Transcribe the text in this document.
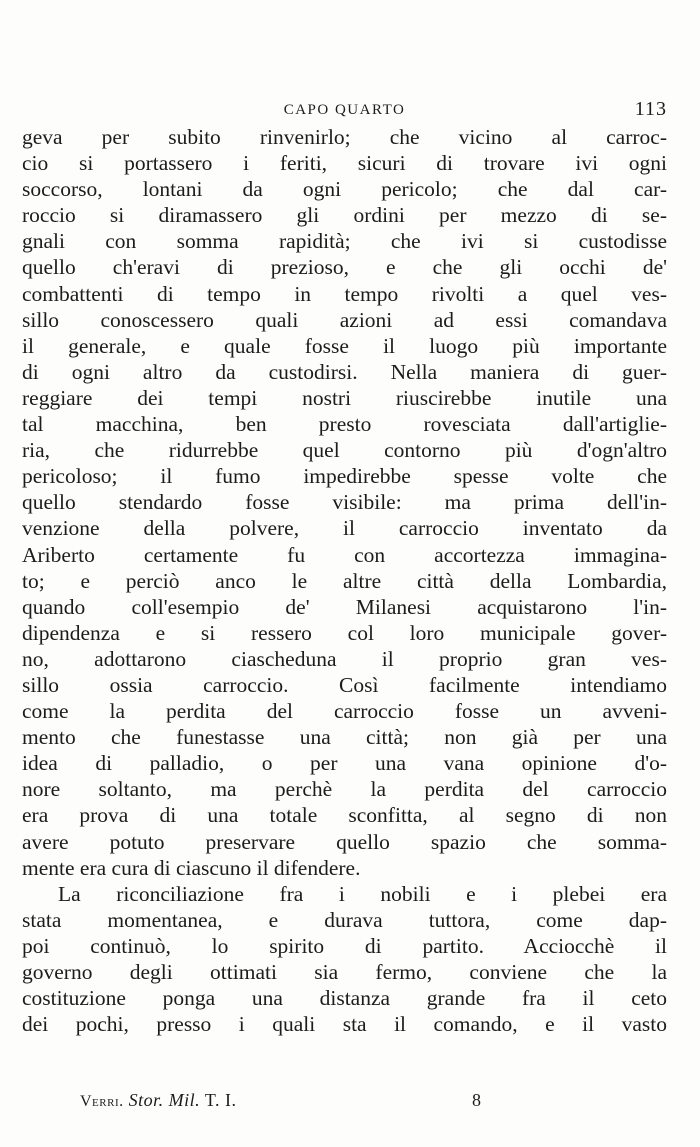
CAPO QUARTO	113
geva per subito rinvenirlo; che vicino al carroc-
cio si portassero i feriti, sicuri di trovare ivi ogni
soccorso, lontani da ogni pericolo; che dal car-
roccio si diramassero gli ordini per mezzo di se-
gnali con somma rapidità; che ivi si custodisse
quello ch'eravi di prezioso, e che gli occhi de'
combattenti di tempo in tempo rivolti a quel ves-
sillo conoscessero quali azioni ad essi comandava
il generale, e quale fosse il luogo più importante
di ogni altro da custodirsi. Nella maniera di guer-
reggiare dei tempi nostri riuscirebbe inutile una
tal macchina, ben presto rovesciata dall'artiglie-
ria, che ridurrebbe quel contorno più d'ogn'altro
pericoloso; il fumo impedirebbe spesse volte che
quello stendardo fosse visibile: ma prima dell'in-
venzione della polvere, il carroccio inventato da
Ariberto certamente fu con accortezza immagina-
to; e perciò anco le altre città della Lombardia,
quando coll'esempio de' Milanesi acquistarono l'in-
dipendenza e si ressero col loro municipale gover-
no, adottarono ciascheduna il proprio gran ves-
sillo ossia carroccio. Così facilmente intendiamo
come la perdita del carroccio fosse un avveni-
mento che funestasse una città; non già per una
idea di palladio, o per una vana opinione d'o-
nore soltanto, ma perchè la perdita del carroccio
era prova di una totale sconfitta, al segno di non
avere potuto preservare quello spazio che somma-
mente era cura di ciascuno il difendere.
La riconciliazione fra i nobili e i plebei era
stata momentanea, e durava tuttora, come dap-
poi continuò, lo spirito di partito. Acciocchè il
governo degli ottimati sia fermo, conviene che la
costituzione ponga una distanza grande fra il ceto
dei pochi, presso i quali sta il comando, e il vasto
Verri. Stor. Mil. T. I.	8
